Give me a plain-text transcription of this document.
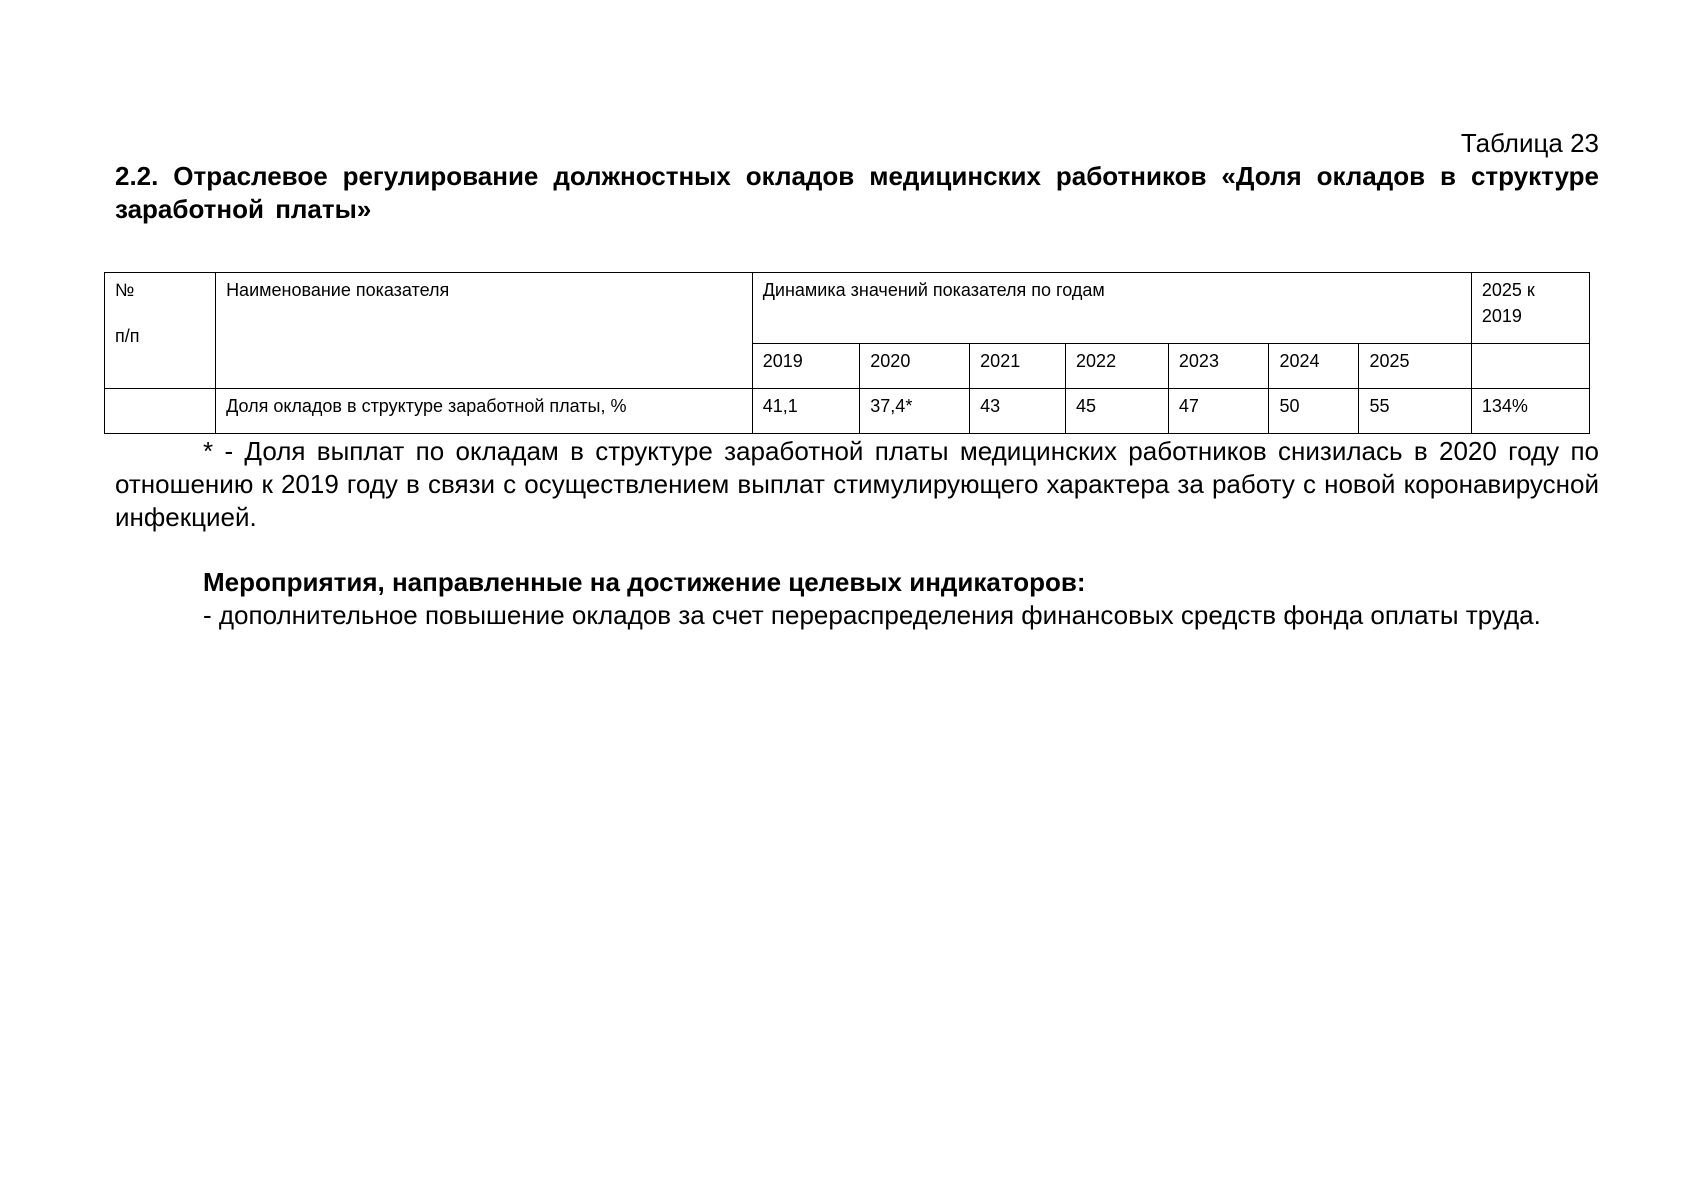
Таблица 23
2.2. Отраслевое регулирование должностных окладов медицинских работников «Доля окладов в структуре заработной платы»
№
п/п	Наименование показателя	Динамика значений показателя по годам							2025 к 2019
		2019	2020	2021	2022	2023	2024	2025	
	Доля окладов в структуре заработной платы, %	41,1	37,4*	43	45	47	50	55	134%

* - Доля выплат по окладам в структуре заработной платы медицинских работников снизилась в 2020 году по отношению к 2019 году в связи с осуществлением выплат стимулирующего характера за работу с новой коронавирусной инфекцией.

Мероприятия, направленные на достижение целевых индикаторов:

- дополнительное повышение окладов за счет перераспределения финансовых средств фонда оплаты труда.
